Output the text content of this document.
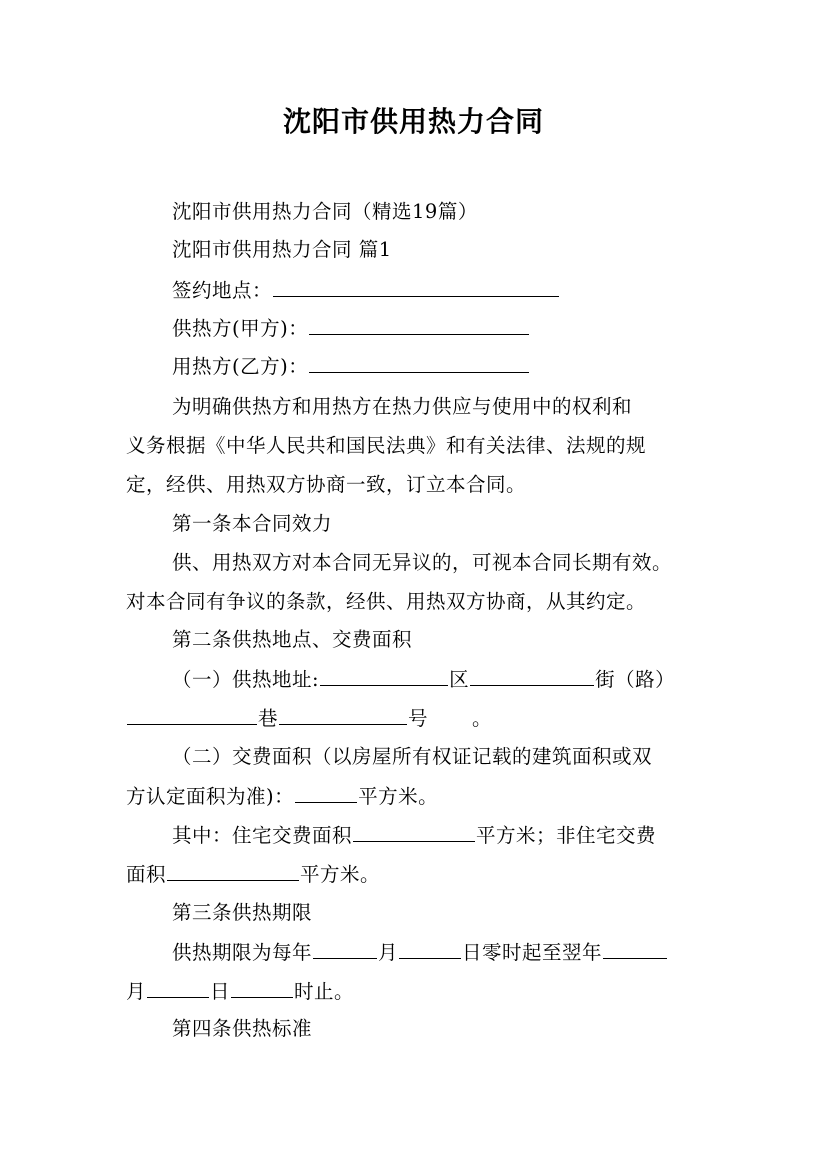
沈阳市供用热力合同
沈阳市供用热力合同（精选19篇）
沈阳市供用热力合同 篇1
签约地点：
供热方(甲方)：
用热方(乙方)：
为明确供热方和用热方在热力供应与使用中的权利和
义务根据《中华人民共和国民法典》和有关法律、法规的规
定，经供、用热双方协商一致，订立本合同。
第一条本合同效力
供、用热双方对本合同无异议的，可视本合同长期有效。
对本合同有争议的条款，经供、用热双方协商，从其约定。
第二条供热地点、交费面积
（一）供热地址:	区	街（路）
巷	号 。
（二）交费面积（以房屋所有权证记载的建筑面积或双
方认定面积为准)：	平方米。
其中：住宅交费面积	平方米；非住宅交费
面积	平方米。
第三条供热期限
供热期限为每年	月	日零时起至翌年
月	日	时止。
第四条供热标准
